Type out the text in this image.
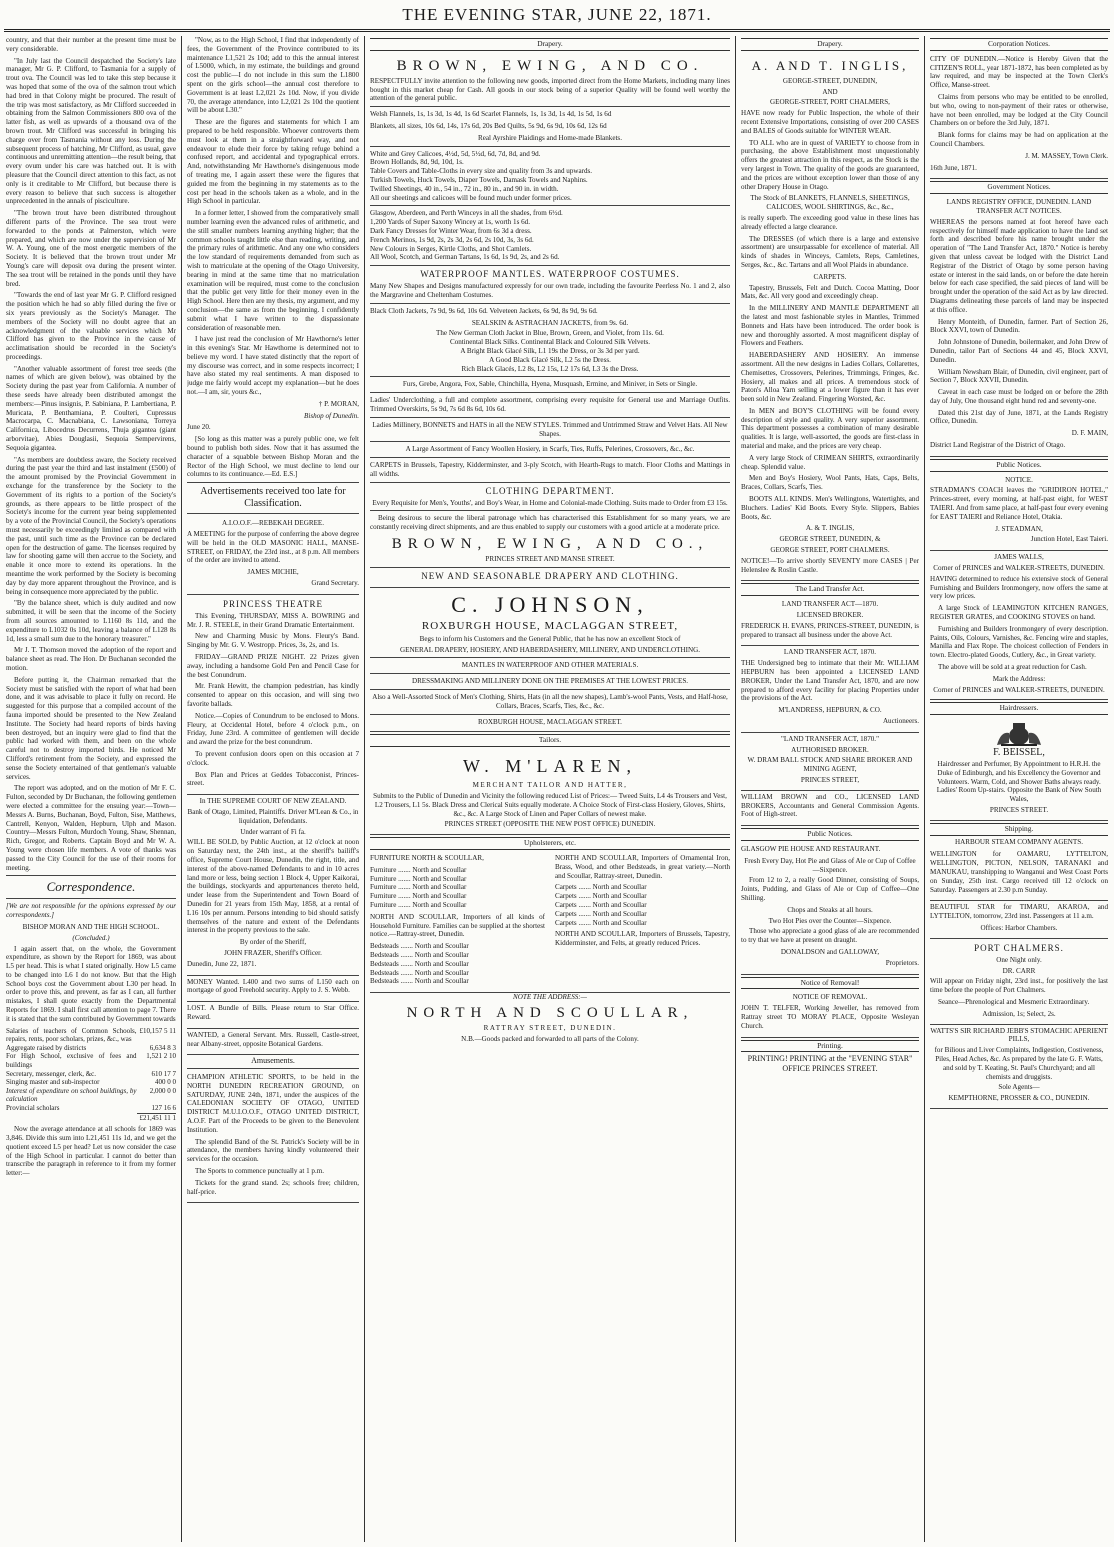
THE EVENING STAR, JUNE 22, 1871.

country, and that their number at the present time must be very considerable.

"In July last the Council despatched the Society's late manager, Mr G. P. Clifford, to Tasmania for a supply of trout ova. The Council was led to take this step because it was hoped that some of the ova of the salmon trout which had bred in that Colony might be procured. The result of the trip was most satisfactory, as Mr Clifford succeeded in obtaining from the Salmon Commissioners 800 ova of the latter fish, as well as upwards of a thousand ova of the brown trout. Mr Clifford was successful in bringing his charge over from Tasmania without any loss. During the subsequent process of hatching, Mr Clifford, as usual, gave continuous and unremitting attention—the result being, that every ovum under his care was hatched out. It is with pleasure that the Council direct attention to this fact, as not only is it creditable to Mr Clifford, but because there is every reason to believe that such success is altogether unprecedented in the annals of pisciculture.

"The brown trout have been distributed throughout different parts of the Province. The sea trout were forwarded to the ponds at Palmerston, which were prepared, and which are now under the supervision of Mr W. A. Young, one of the most energetic members of the Society. It is believed that the brown trout under Mr Young's care will deposit ova during the present winter. The sea trout will be retained in the ponds until they have bred.

"Towards the end of last year Mr G. P. Clifford resigned the position which he had so ably filled during the five or six years previously as the Society's Manager. The members of the Society will no doubt agree that an acknowledgment of the valuable services which Mr Clifford has given to the Province in the cause of acclimatisation should be recorded in the Society's proceedings.

"Another valuable assortment of forest tree seeds (the names of which are given below), was obtained by the Society during the past year from California. A number of these seeds have already been distributed amongst the members:—Pinus insignis, P. Sabiniana, P. Lambertiana, P. Muricata, P. Benthamiana, P. Coulteri, Cupressus Macrocarpa, C. Macnabiana, C. Lawsoniana, Torreya Californica, Libocedrus Decurrens, Thuja gigantea (giant arborvitae), Abies Douglasii, Sequoia Sempervirens, Sequoia gigantea.

"As members are doubtless aware, the Society received during the past year the third and last instalment (£500) of the amount promised by the Provincial Government in exchange for the transference by the Society to the Government of its rights to a portion of the Society's grounds, as there appears to be little prospect of the Society's income for the current year being supplemented by a vote of the Provincial Council, the Society's operations must necessarily be exceedingly limited as compared with the past, until such time as the Province can be declared open for the destruction of game. The licenses required by law for shooting game will then accrue to the Society, and enable it once more to extend its operations. In the meantime the work performed by the Society is becoming day by day more apparent throughout the Province, and is being in consequence more appreciated by the public.

"By the balance sheet, which is duly audited and now submitted, it will be seen that the income of the Society from all sources amounted to L1160 8s 11d, and the expenditure to L1032 0s 10d, leaving a balance of L128 8s 1d, less a small sum due to the honorary treasurer."

Mr J. T. Thomson moved the adoption of the report and balance sheet as read. The Hon. Dr Buchanan seconded the motion.

Before putting it, the Chairman remarked that the Society must be satisfied with the report of what had been done, and it was advisable to place it fully on record. He suggested for this purpose that a compiled account of the fauna imported should be presented to the New Zealand Institute. The Society had heard reports of birds having been destroyed, but an inquiry were glad to find that the public had worked with them, and been on the whole careful not to destroy imported birds. He noticed Mr Clifford's retirement from the Society, and expressed the sense the Society entertained of that gentleman's valuable services.

The report was adopted, and on the motion of Mr F. C. Fulton, seconded by Dr Buchanan, the following gentlemen were elected a committee for the ensuing year:—Town—Messrs A. Burns, Buchanan, Boyd, Fulton, Sise, Matthews, Cantrell, Kenyon, Walden, Hepburn, Ulph and Mason. Country—Messrs Fulton, Murdoch Young, Shaw, Shennan, Rich, Gregor, and Roberts. Captain Boyd and Mr W. A. Young were chosen life members. A vote of thanks was passed to the City Council for the use of their rooms for meeting.

Correspondence.

[We are not responsible for the opinions expressed by our correspondents.]

BISHOP MORAN AND THE HIGH SCHOOL.

(Concluded.)

I again assert that, on the whole, the Government expenditure, as shown by the Report for 1869, was about L5 per head. This is what I stated originally. How L5 came to be changed into L6 I do not know. But that the High School boys cost the Government about L30 per head. In order to prove this, and prevent, as far as I can, all further mistakes, I shall quote exactly from the Departmental Reports for 1869. I shall first call attention to page 7. There it is stated that the sum contributed by Government towards

Salaries of teachers of Common Schools, repairs, rents, poor scholars, prizes, &c., was	£10,157 5 11
Aggregate raised by districts	6,634 8 3
For High School, exclusive of fees and buildings	1,521 2 10
Secretary, messenger, clerk, &c.	610 17 7
Singing master and sub-inspector	400 0 0
Interest of expenditure on school buildings, by calculation	2,000 0 0
Provincial scholars	127 16 6
	£21,451 11 1

Now the average attendance at all schools for 1869 was 3,846. Divide this sum into L21,451 11s 1d, and we get the quotient exceed L5 per head? Let us now consider the case of the High School in particular. I cannot do better than transcribe the paragraph in reference to it from my former letter:—

"Now, as to the High School, I find that independently of fees, the Government of the Province contributed to its maintenance L1,521 2s 10d; add to this the annual interest of L5000, which, in my estimate, the buildings and ground cost the public—I do not include in this sum the L1800 spent on the girls school—the annual cost therefore to Government is at least L2,021 2s 10d. Now, if you divide 70, the average attendance, into L2,021 2s 10d the quotient will be about L30."

These are the figures and statements for which I am prepared to be held responsible. Whoever controverts them must look at them in a straightforward way, and not endeavour to elude their force by taking refuge behind a confused report, and accidental and typographical errors. And, notwithstanding Mr Hawthorne's disingenuous mode of treating me, I again assert these were the figures that guided me from the beginning in my statements as to the cost per head in the schools taken as a whole, and in the High School in particular.

In a former letter, I showed from the comparatively small number learning even the advanced rules of arithmetic, and the still smaller numbers learning anything higher; that the common schools taught little else than reading, writing, and the primary rules of arithmetic. And any one who considers the low standard of requirements demanded from such as wish to matriculate at the opening of the Otago University, bearing in mind at the same time that no matriculation examination will be required, must come to the conclusion that the public get very little for their money even in the High School. Here then are my thesis, my argument, and my conclusion—the same as from the beginning. I confidently submit what I have written to the dispassionate consideration of reasonable men.

I have just read the conclusion of Mr Hawthorne's letter in this evening's Star. Mr Hawthorne is determined not to believe my word. I have stated distinctly that the report of my discourse was correct, and in some respects incorrect; I have also stated my real sentiments. A man disposed to judge me fairly would accept my explanation—but he does not.—I am, sir, yours &c.,

† P. MORAN,

Bishop of Dunedin.

June 20.

[So long as this matter was a purely public one, we felt bound to publish both sides. Now that it has assumed the character of a squabble between Bishop Moran and the Rector of the High School, we must decline to lend our columns to its continuance.—Ed. E.S.]

Advertisements received too late for Classification.

A.I.O.O.F.—REBEKAH DEGREE.

A MEETING for the purpose of conferring the above degree will be held in the OLD MASONIC HALL, MANSE-STREET, on FRIDAY, the 23rd inst., at 8 p.m. All members of the order are invited to attend.

JAMES MICHIE,

Grand Secretary.

PRINCESS THEATRE

This Evening, THURSDAY, MISS A. BOWRING and Mr. J. R. STEELE, in their Grand Dramatic Entertainment.

New and Charming Music by Mons. Fleury's Band. Singing by Mr. G. V. Westropp. Prices, 3s, 2s, and 1s.

FRIDAY—GRAND PRIZE NIGHT. 22 Prizes given away, including a handsome Gold Pen and Pencil Case for the best Conundrum.

Mr. Frank Hewitt, the champion pedestrian, has kindly consented to appear on this occasion, and will sing two favorite ballads.

Notice.—Copies of Conundrum to be enclosed to Mons. Fleury, at Occidental Hotel, before 4 o'clock p.m., on Friday, June 23rd. A committee of gentlemen will decide and award the prize for the best conundrum.

To prevent confusion doors open on this occasion at 7 o'clock.

Box Plan and Prices at Geddes Tobacconist, Princes-street.

In THE SUPREME COURT OF NEW ZEALAND.

Bank of Otago, Limited, Plaintiffs. Driver M'Lean & Co., in liquidation, Defendants.

Under warrant of Fi fa.

WILL BE SOLD, by Public Auction, at 12 o'clock at noon on Saturday next, the 24th inst., at the sheriff's bailiff's office, Supreme Court House, Dunedin, the right, title, and interest of the above-named Defendants to and in 10 acres land more or less, being section 1 Block 4, Upper Kaikorai, the buildings, stockyards and appurtenances thereto held, under lease from the Superintendent and Town Board of Dunedin for 21 years from 15th May, 1858, at a rental of L16 10s per annum. Persons intending to bid should satisfy themselves of the nature and extent of the Defendants interest in the property previous to the sale.

By order of the Sheriff,

JOHN FRAZER, Sheriff's Officer.

Dunedin, June 22, 1871.

MONEY Wanted. L400 and two sums of L150 each on mortgage of good Freehold security. Apply to J. S. Webb.

LOST. A Bundle of Bills. Please return to Star Office. Reward.

WANTED, a General Servant. Mrs. Russell, Castle-street, near Albany-street, opposite Botanical Gardens.

Amusements.

CHAMPION ATHLETIC SPORTS, to be held in the NORTH DUNEDIN RECREATION GROUND, on SATURDAY, JUNE 24th, 1871, under the auspices of the CALEDONIAN SOCIETY OF OTAGO, UNITED DISTRICT M.U.I.O.O.F., OTAGO UNITED DISTRICT, A.O.F. Part of the Proceeds to be given to the Benevolent Institution.

The splendid Band of the St. Patrick's Society will be in attendance, the members having kindly volunteered their services for the occasion.

The Sports to commence punctually at 1 p.m.

Tickets for the grand stand. 2s; schools free; children, half-price.

Drapery.
BROWN, EWING, AND CO.

RESPECTFULLY invite attention to the following new goods, imported direct from the Home Markets, including many lines bought in this market cheap for Cash. All goods in our stock being of a superior Quality will be found well worthy the attention of the general public.

Welsh Flannels, 1s, 1s 3d, 1s 4d, 1s 6d Scarlet Flannels, 1s, 1s 3d, 1s 4d, 1s 5d, 1s 6d

Blankets, all sizes, 10s 6d, 14s, 17s 6d, 20s Bed Quilts, 5s 9d, 6s 9d, 10s 6d, 12s 6d

Real Ayrshire Plaidings and Home-made Blankets.

White and Grey Calicoes, 4½d, 5d, 5½d, 6d, 7d, 8d, and 9d.

Brown Hollands, 8d, 9d, 10d, 1s.

Table Covers and Table-Cloths in every size and quality from 3s and upwards.

Turkish Towels, Huck Towels, Diaper Towels, Damask Towels and Naphins.

Twilled Sheetings, 40 in., 54 in., 72 in., 80 in., and 90 in. in width.

All our sheetings and calicoes will be found much under former prices.

Glasgow, Aberdeen, and Perth Winceys in all the shades, from 6½d.

1,200 Yards of Super Saxony Wincey at 1s, worth 1s 6d.

Dark Fancy Dresses for Winter Wear, from 6s 3d a dress.

French Merinos, 1s 9d, 2s, 2s 3d, 2s 6d, 2s 10d, 3s, 3s 6d.

New Colours in Serges, Kirtle Cloths, and Shot Camlets.

All Wool, Scotch, and German Tartans, 1s 6d, 1s 9d, 2s, and 2s 6d.

WATERPROOF MANTLES. WATERPROOF COSTUMES.

Many New Shapes and Designs manufactured expressly for our own trade, including the favourite Peerless No. 1 and 2, also the Margravine and Cheltenham Costumes.

Black Cloth Jackets, 7s 9d, 9s 6d, 10s 6d. Velveteen Jackets, 6s 9d, 8s 9d, 9s 6d.

SEALSKIN & ASTRACHAN JACKETS, from 9s. 6d.

The New German Cloth Jacket in Blue, Brown, Green, and Violet, from 11s. 6d.

Continental Black Silks. Continental Black and Coloured Silk Velvets.

A Bright Black Glacé Silk, L1 19s the Dress, or 3s 3d per yard.

A Good Black Glacé Silk, L2 5s the Dress.

Rich Black Glacés, L2 8s, L2 15s, L2 17s 6d, L3 3s the Dress.

Furs, Grebe, Angora, Fox, Sable, Chinchilla, Hyena, Musquash, Ermine, and Miniver, in Sets or Single.

Ladies' Underclothing, a full and complete assortment, comprising every requisite for General use and Marriage Outfits. Trimmed Overskirts, 5s 9d, 7s 6d 8s 6d, 10s 6d.

Ladies Millinery, BONNETS and HATS in all the NEW STYLES. Trimmed and Untrimmed Straw and Velvet Hats. All New Shapes.

A Large Assortment of Fancy Woollen Hosiery, in Scarfs, Ties, Ruffs, Pelerines, Crossovers, &c., &c.

CARPETS in Brussels, Tapestry, Kidderminster, and 3-ply Scotch, with Hearth-Rugs to match. Floor Cloths and Mattings in all widths.

CLOTHING DEPARTMENT.

Every Requisite for Men's, Youths', and Boy's Wear, in Home and Colonial-made Clothing. Suits made to Order from £3 15s.

Being desirous to secure the liberal patronage which has characterised this Establishment for so many years, we are constantly receiving direct shipments, and are thus enabled to supply our customers with a good article at a moderate price.

BROWN, EWING, AND CO.,

PRINCES STREET AND MANSE STREET.

NEW AND SEASONABLE DRAPERY AND CLOTHING.

C. JOHNSON,

ROXBURGH HOUSE, MACLAGGAN STREET,

Begs to inform his Customers and the General Public, that he has now an excellent Stock of

GENERAL DRAPERY, HOSIERY, AND HABERDASHERY, MILLINERY, AND UNDERCLOTHING.

MANTLES IN WATERPROOF AND OTHER MATERIALS.

DRESSMAKING AND MILLINERY DONE ON THE PREMISES AT THE LOWEST PRICES.

Also a Well-Assorted Stock of Men's Clothing, Shirts, Hats (in all the new shapes), Lamb's-wool Pants, Vests, and Half-hose, Collars, Braces, Scarfs, Ties, &c., &c.

ROXBURGH HOUSE, MACLAGGAN STREET.

Tailors.
W. M'LAREN,

MERCHANT TAILOR AND HATTER,

Submits to the Public of Dunedin and Vicinity the following reduced List of Prices:— Tweed Suits, L4 4s Trousers and Vest, L2 Trousers, L1 5s. Black Dress and Clerical Suits equally moderate. A Choice Stock of First-class Hosiery, Gloves, Shirts, &c., &c. A Large Stock of Linen and Paper Collars of newest make.

PRINCES STREET (OPPOSITE THE NEW POST OFFICE) DUNEDIN.

Upholsterers, etc.

FURNITURE NORTH & SCOULLAR,

Furniture ....... North and Scoullar

Furniture ....... North and Scoullar

Furniture ....... North and Scoullar

Furniture ....... North and Scoullar

Furniture ....... North and Scoullar

NORTH AND SCOULLAR, Importers of all kinds of Household Furniture. Families can be supplied at the shortest notice.—Rattray-street, Dunedin.

Bedsteads ....... North and Scoullar

Bedsteads ....... North and Scoullar

Bedsteads ....... North and Scoullar

Bedsteads ....... North and Scoullar

Bedsteads ....... North and Scoullar

NORTH AND SCOULLAR, Importers of Ornamental Iron, Brass, Wood, and other Bedsteads, in great variety.—North and Scoullar, Rattray-street, Dunedin.

Carpets ....... North and Scoullar

Carpets ....... North and Scoullar

Carpets ....... North and Scoullar

Carpets ....... North and Scoullar

Carpets ....... North and Scoullar

NORTH AND SCOULLAR, Importers of Brussels, Tapestry, Kidderminster, and Felts, at greatly reduced Prices.

NOTE THE ADDRESS:—

NORTH AND SCOULLAR,

RATTRAY STREET, DUNEDIN.

N.B.—Goods packed and forwarded to all parts of the Colony.

Drapery.
A. AND T. INGLIS,

GEORGE-STREET, DUNEDIN,

AND

GEORGE-STREET, PORT CHALMERS,

HAVE now ready for Public Inspection, the whole of their recent Extensive Importations, consisting of over 200 CASES and BALES of Goods suitable for WINTER WEAR.

TO ALL who are in quest of VARIETY to choose from in purchasing, the above Establishment most unquestionably offers the greatest attraction in this respect, as the Stock is the very largest in Town. The quality of the goods are guaranteed, and the prices are without exception lower than those of any other Drapery House in Otago.

The Stock of BLANKETS, FLANNELS, SHEETINGS, CALICOES, WOOL SHIRTINGS, &c., &c.,

is really superb. The exceeding good value in these lines has already effected a large clearance.

The DRESSES (of which there is a large and extensive assortment) are unsurpassable for excellence of material. All kinds of shades in Winceys, Camlets, Reps, Camletines, Serges, &c., &c. Tartans and all Wool Plaids in abundance.

CARPETS.

Tapestry, Brussels, Felt and Dutch. Cocoa Matting, Door Mats, &c. All very good and exceedingly cheap.

In the MILLINERY AND MANTLE DEPARTMENT all the latest and most fashionable styles in Mantles, Trimmed Bonnets and Hats have been introduced. The order book is new and thoroughly assorted. A most magnificent display of Flowers and Feathers.

HABERDASHERY AND HOSIERY. An immense assortment. All the new designs in Ladies Collars, Collarettes, Chemisettes, Crossovers, Pelerines, Trimmings, Fringes, &c. Hosiery, all makes and all prices. A tremendous stock of Paton's Alloa Yarn selling at a lower figure than it has ever been sold in New Zealand. Fingering Worsted, &c.

In MEN and BOY'S CLOTHING will be found every description of style and quality. A very superior assortment. This department possesses a combination of many desirable qualities. It is large, well-assorted, the goods are first-class in material and make, and the prices are very cheap.

A very large Stock of CRIMEAN SHIRTS, extraordinarily cheap. Splendid value.

Men and Boy's Hosiery, Wool Pants, Hats, Caps, Belts, Braces, Collars, Scarfs, Ties.

BOOTS ALL KINDS. Men's Wellingtons, Watertights, and Bluchers. Ladies' Kid Boots. Every Style. Slippers, Babies Boots, &c.

A. & T. INGLIS,

GEORGE STREET, DUNEDIN, &

GEORGE STREET, PORT CHALMERS.

NOTICE!—To arrive shortly SEVENTY more CASES | Per Helenslee & Roslin Castle.

The Land Transfer Act.

LAND TRANSFER ACT—1870.

LICENSED BROKER.

FREDERICK H. EVANS, PRINCES-STREET, DUNEDIN, is prepared to transact all business under the above Act.

LAND TRANSFER ACT, 1870.

THE Undersigned beg to intimate that their Mr. WILLIAM HEPBURN has been appointed a LICENSED LAND BROKER, Under the Land Transfer Act, 1870, and are now prepared to afford every facility for placing Properties under the provisions of the Act.

M'LANDRESS, HEPBURN, & CO.

Auctioneers.

"LAND TRANSFER ACT, 1870."

AUTHORISED BROKER.

W. DRAM BALL STOCK AND SHARE BROKER AND MINING AGENT,

PRINCES STREET,

WILLIAM BROWN and CO., LICENSED LAND BROKERS, Accountants and General Commission Agents. Foot of High-street.

Public Notices.

GLASGOW PIE HOUSE AND RESTAURANT.

Fresh Every Day, Hot Pie and Glass of Ale or Cup of Coffee—Sixpence.

From 12 to 2, a really Good Dinner, consisting of Soups, Joints, Pudding, and Glass of Ale or Cup of Coffee—One Shilling.

Chops and Steaks at all hours.

Two Hot Pies over the Counter—Sixpence.

Those who appreciate a good glass of ale are recommended to try that we have at present on draught.

DONALDSON and GALLOWAY,

Proprietors.

Notice of Removal!

NOTICE OF REMOVAL.

JOHN T. TELFER, Working Jeweller, has removed from Rattray street TO MORAY PLACE, Opposite Wesleyan Church.

Printing.

PRINTING! PRINTING at the "EVENING STAR" OFFICE PRINCES STREET.

Corporation Notices.

CITY OF DUNEDIN.—Notice is Hereby Given that the CITIZEN'S ROLL, year 1871-1872, has been completed as by law required, and may be inspected at the Town Clerk's Office, Manse-street.

Claims from persons who may be entitled to be enrolled, but who, owing to non-payment of their rates or otherwise, have not been enrolled, may be lodged at the City Council Chambers on or before the 3rd July, 1871.

Blank forms for claims may be had on application at the Council Chambers.

J. M. MASSEY, Town Clerk.

16th June, 1871.

Government Notices.

LANDS REGISTRY OFFICE, DUNEDIN. LAND TRANSFER ACT NOTICES.

WHEREAS the persons named at foot hereof have each respectively for himself made application to have the land set forth and described before his name brought under the operation of "The Land Transfer Act, 1870." Notice is hereby given that unless caveat be lodged with the District Land Registrar of the District of Otago by some person having estate or interest in the said lands, on or before the date herein below for each case specified, the said pieces of land will be brought under the operation of the said Act as by law directed. Diagrams delineating these parcels of land may be inspected at this office.

Henry Monteith, of Dunedin, farmer. Part of Section 26, Block XXVI, town of Dunedin.

John Johnstone of Dunedin, boilermaker, and John Drew of Dunedin, tailor Part of Sections 44 and 45, Block XXVI, Dunedin.

William Newsham Blair, of Dunedin, civil engineer, part of Section 7, Block XXVII, Dunedin.

Caveat in each case must be lodged on or before the 28th day of July, One thousand eight hund red and seventy-one.

Dated this 21st day of June, 1871, at the Lands Registry Office, Dunedin.

D. F. MAIN,

District Land Registrar of the District of Otago.

Public Notices.

NOTICE.

STRADMAN'S COACH leaves the "GRIDIRON HOTEL," Princes-street, every morning, at half-past eight, for WEST TAIERI. And from same place, at half-past four every evening for EAST TAIERI and Reliance Hotel, Otakia.

J. STEADMAN,

Junction Hotel, East Taieri.

JAMES WALLS,

Corner of PRINCES and WALKER-STREETS, DUNEDIN.

HAVING determined to reduce his extensive stock of General Furnishing and Builders Ironmongery, now offers the same at very low prices.

A large Stock of LEAMINGTON KITCHEN RANGES, REGISTER GRATES, and COOKING STOVES on hand.

Furnishing and Builders Ironmongery of every description. Paints, Oils, Colours, Varnishes, &c. Fencing wire and staples, Manilla and Flax Rope. The choicest collection of Fenders in town. Electro-plated Goods, Cutlery, &c., in Great variety.

The above will be sold at a great reduction for Cash.

Mark the Address:

Corner of PRINCES and WALKER-STREETS, DUNEDIN.

Hairdressers.

F. BEISSEL,

Hairdresser and Perfumer, By Appointment to H.R.H. the Duke of Edinburgh, and his Excellency the Governor and Volunteers. Warm, Cold, and Shower Baths always ready. Ladies' Room Up-stairs. Opposite the Bank of New South Wales,

PRINCES STREET.

Shipping.

HARBOUR STEAM COMPANY AGENTS.

WELLINGTON for OAMARU, LYTTELTON, WELLINGTON, PICTON, NELSON, TARANAKI and MANUKAU, transhipping to Wanganui and West Coast Ports on Sunday, 25th inst. Cargo received till 12 o'clock on Saturday. Passengers at 2.30 p.m Sunday.

BEAUTIFUL STAR for TIMARU, AKAROA, and LYTTELTON, tomorrow, 23rd inst. Passengers at 11 a.m.

Offices: Harbor Chambers.

PORT CHALMERS.

One Night only.

DR. CARR

Will appear on Friday night, 23rd inst., for positively the last time before the people of Port Chalmers.

Seance—Phrenological and Mesmeric Extraordinary.

Admission, 1s; Select, 2s.

WATTS'S SIR RICHARD JEBB'S STOMACHIC APERIENT PILLS,

for Bilious and Liver Complaints, Indigestion, Costiveness, Piles, Head Aches, &c. As prepared by the late G. F. Watts, and sold by T. Keating, St. Paul's Churchyard; and all chemists and druggists.

Sole Agents—

KEMPTHORNE, PROSSER & CO., DUNEDIN.
